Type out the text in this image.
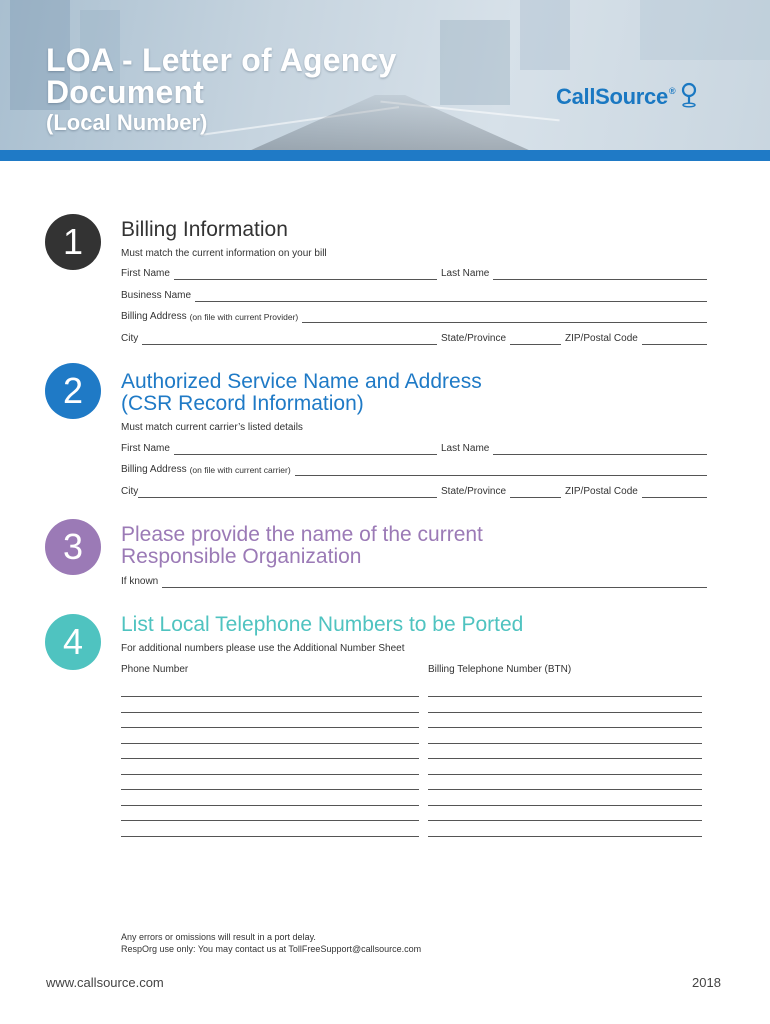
LOA - Letter of Agency
Document
(Local Number)
CallSource ®
1	Billing Information
Must match the current information on your bill
First Name	Last Name
Business Name
Billing Address (on file with current Provider)
City	State/Province	ZIP/Postal Code
2	Authorized Service Name and Address
(CSR Record Information)
Must match current carrier’s listed details
First Name	Last Name
Billing Address (on file with current carrier)
City	State/Province	ZIP/Postal Code
3	Please provide the name of the current
Responsible Organization
If known
4	List Local Telephone Numbers to be Ported
For additional numbers please use the Additional Number Sheet
Phone Number	Billing Telephone Number (BTN)
Any errors or omissions will result in a port delay.
RespOrg use only: You may contact us at TollFreeSupport@callsource.com
www.callsource.com	2018
